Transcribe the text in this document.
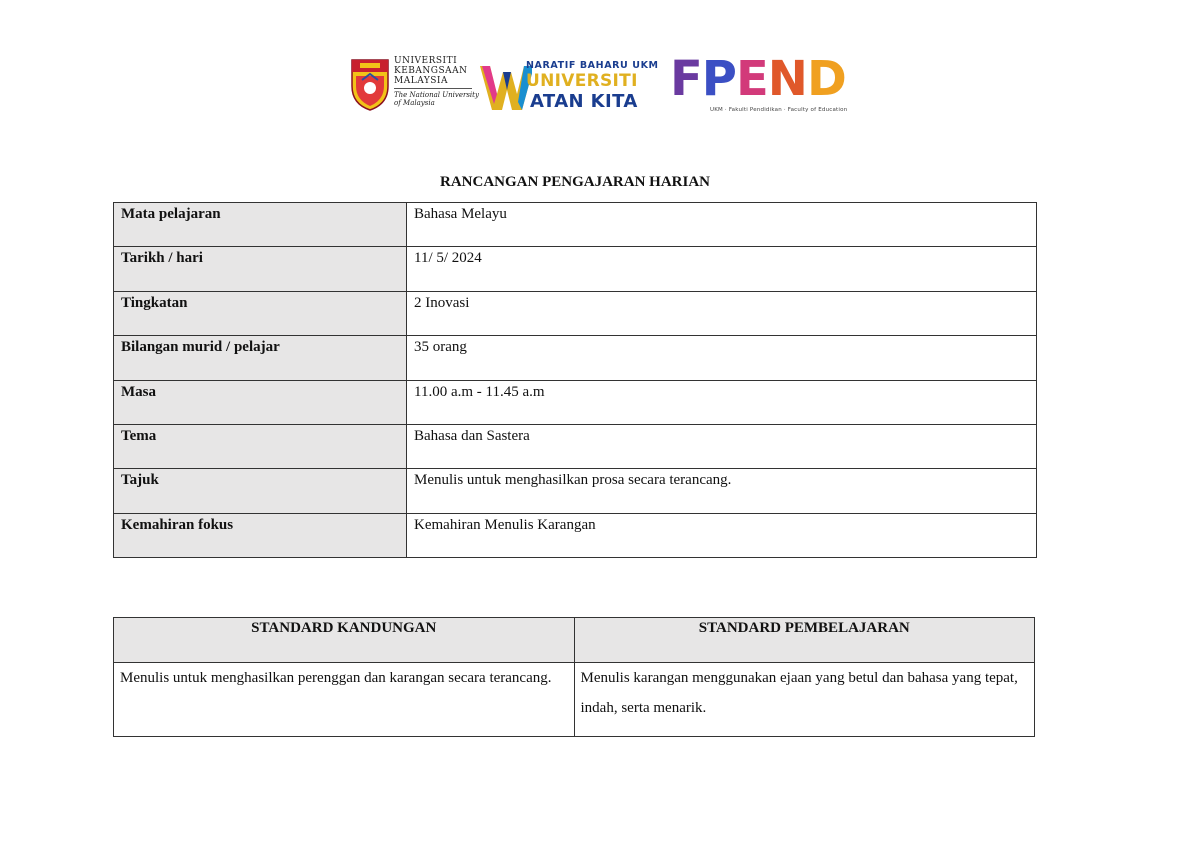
UNIVERSITI
KEBANGSAAN
MALAYSIA
The National University
of Malaysia
NARATIF BAHARU UKM
UNIVERSITI
ATAN KITA FPEND
UKM · Fakulti Pendidikan · Faculty of Education
RANCANGAN PENGAJARAN HARIAN
Mata pelajaran	Bahasa Melayu
Tarikh / hari	11/ 5/ 2024
Tingkatan	2 Inovasi
Bilangan murid / pelajar	35 orang
Masa	11.00 a.m - 11.45 a.m
Tema	Bahasa dan Sastera
Tajuk	Menulis untuk menghasilkan prosa secara terancang.
Kemahiran fokus	Kemahiran Menulis Karangan
STANDARD KANDUNGAN	STANDARD PEMBELAJARAN
Menulis untuk menghasilkan perenggan dan karangan secara terancang.	Menulis karangan menggunakan ejaan yang betul dan bahasa yang tepat, indah, serta menarik.
